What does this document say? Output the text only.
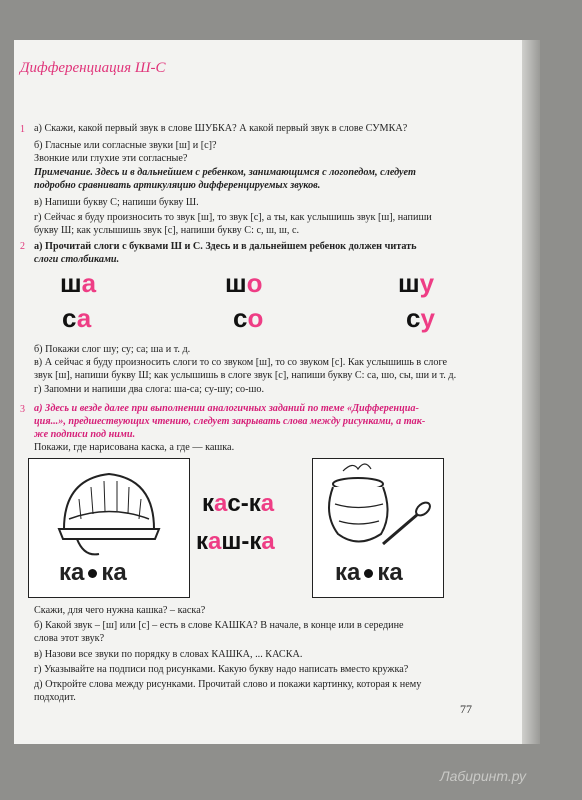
Дифференциация Ш-С
1 а) Скажи, какой первый звук в слове ШУБКА? А какой первый звук в слове СУМКА?
б) Гласные или согласные звуки [ш] и [с]?
Звонкие или глухие эти согласные?
Примечание. Здесь и в дальнейшем с ребенком, занимающимся с логопедом, следует
подробно сравнивать артикуляцию дифференцируемых звуков.
в) Напиши букву С; напиши букву Ш.
г) Сейчас я буду произносить то звук [ш], то звук [с], а ты, как услышишь звук [ш], напиши
букву Ш; как услышишь звук [с], напиши букву С: с, ш, ш, с.
2 а) Прочитай слоги с буквами Ш и С. Здесь и в дальнейшем ребенок должен читать
слоги столбиками.
ша	шо	шу
са	со	су
б) Покажи слог шу; су; са; ша и т. д.
в) А сейчас я буду произносить слоги то со звуком [ш], то со звуком [с]. Как услышишь в слоге
звук [ш], напиши букву Ш; как услышишь в слоге звук [с], напиши букву С: са, шо, сы, ши и т. д.
г) Запомни и напиши два слога: ша-са; су-шу; со-шо.
3 а) Здесь и везде далее при выполнении аналогичных заданий по теме «Дифференциа-
ция...», предшествующих чтению, следует закрывать слова между рисунками, а так-
же подписи под ними.
Покажи, где нарисована каска, а где — кашка.
ка ка
кас-ка
каш-ка
ка ка
Скажи, для чего нужна кашка? – каска?
б) Какой звук – [ш] или [с] – есть в слове КАШКА? В начале, в конце или в середине
слова этот звук?
в) Назови все звуки по порядку в словах КАШКА, ... КАСКА.
г) Указывайте на подписи под рисунками. Какую букву надо написать вместо кружка?
д) Откройте слова между рисунками. Прочитай слово и покажи картинку, которая к нему
подходит.
77
Лабиринт.ру
